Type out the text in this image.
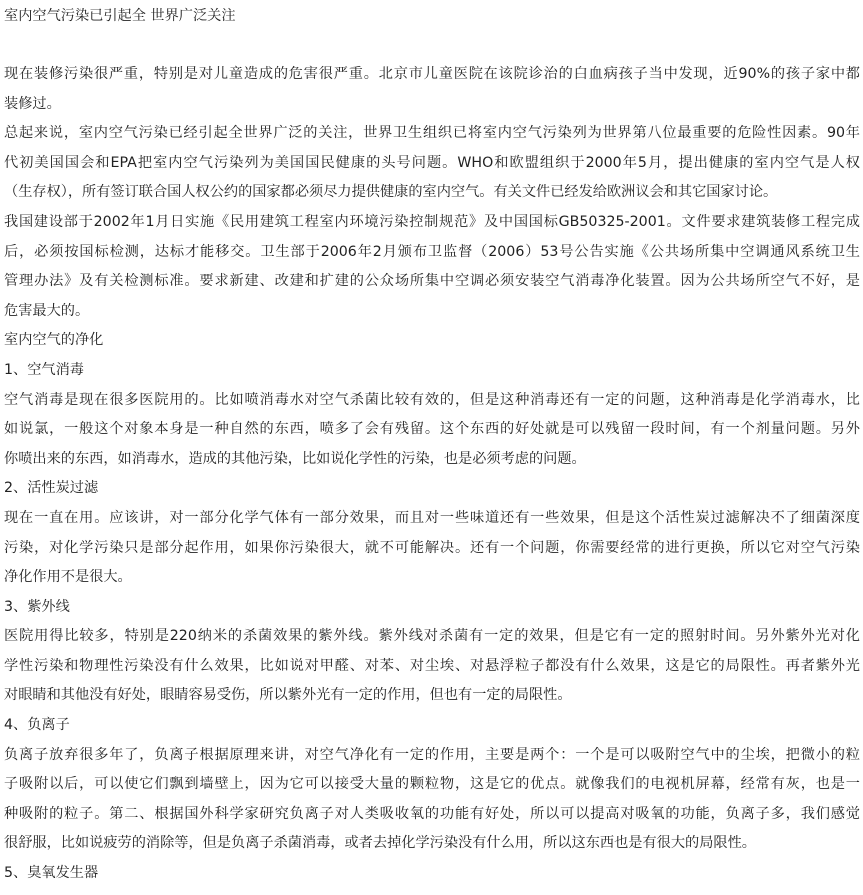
室内空气污染已引起全 世界广泛关注
现在装修污染很严重，特别是对儿童造成的危害很严重。北京市儿童医院在该院诊治的白血病孩子当中发现，近90%的孩子家中都
装修过。
总起来说，室内空气污染已经引起全世界广泛的关注，世界卫生组织已将室内空气污染列为世界第八位最重要的危险性因素。90年
代初美国国会和EPA把室内空气污染列为美国国民健康的头号问题。WHO和欧盟组织于2000年5月，提出健康的室内空气是人权
（生存权），所有签订联合国人权公约的国家都必须尽力提供健康的室内空气。有关文件已经发给欧洲议会和其它国家讨论。
我国建设部于2002年1月日实施《民用建筑工程室内环境污染控制规范》及中国国标GB50325-2001。文件要求建筑装修工程完成
后，必须按国标检测，达标才能移交。卫生部于2006年2月颁布卫监督（2006）53号公告实施《公共场所集中空调通风系统卫生
管理办法》及有关检测标准。要求新建、改建和扩建的公众场所集中空调必须安装空气消毒净化装置。因为公共场所空气不好，是
危害最大的。
室内空气的净化
1、空气消毒
空气消毒是现在很多医院用的。比如喷消毒水对空气杀菌比较有效的，但是这种消毒还有一定的问题，这种消毒是化学消毒水，比
如说氯，一般这个对象本身是一种自然的东西，喷多了会有残留。这个东西的好处就是可以残留一段时间，有一个剂量问题。另外
你喷出来的东西，如消毒水，造成的其他污染，比如说化学性的污染，也是必须考虑的问题。
2、活性炭过滤
现在一直在用。应该讲，对一部分化学气体有一部分效果，而且对一些味道还有一些效果，但是这个活性炭过滤解决不了细菌深度
污染，对化学污染只是部分起作用，如果你污染很大，就不可能解决。还有一个问题，你需要经常的进行更换，所以它对空气污染
净化作用不是很大。
3、紫外线
医院用得比较多，特别是220纳米的杀菌效果的紫外线。紫外线对杀菌有一定的效果，但是它有一定的照射时间。另外紫外光对化
学性污染和物理性污染没有什么效果，比如说对甲醛、对苯、对尘埃、对悬浮粒子都没有什么效果，这是它的局限性。再者紫外光
对眼睛和其他没有好处，眼睛容易受伤，所以紫外光有一定的作用，但也有一定的局限性。
4、负离子
负离子放弃很多年了，负离子根据原理来讲，对空气净化有一定的作用，主要是两个：一个是可以吸附空气中的尘埃，把微小的粒
子吸附以后，可以使它们飘到墙壁上，因为它可以接受大量的颗粒物，这是它的优点。就像我们的电视机屏幕，经常有灰，也是一
种吸附的粒子。第二、根据国外科学家研究负离子对人类吸收氧的功能有好处，所以可以提高对吸氧的功能，负离子多，我们感觉
很舒服，比如说疲劳的消除等，但是负离子杀菌消毒，或者去掉化学污染没有什么用，所以这东西也是有很大的局限性。
5、臭氧发生器
